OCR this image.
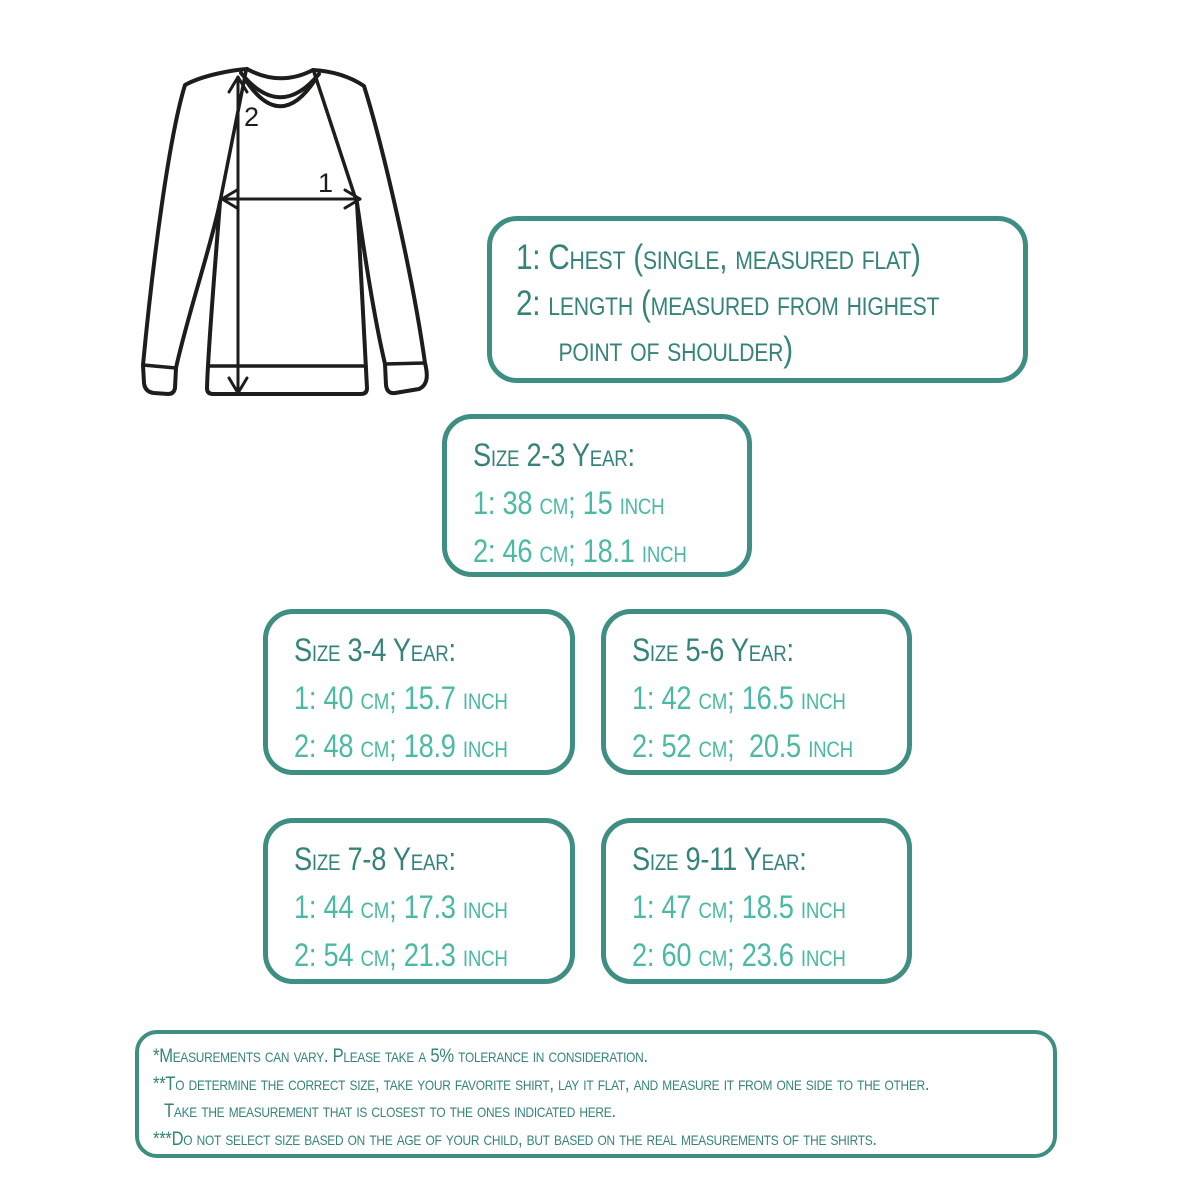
2
1
1: Chest (single, measured flat)
2: length (measured from highest
point of shoulder)
Size 2-3 Year:
1: 38 cm; 15 inch
2: 46 cm; 18.1 inch
Size 3-4 Year:
1: 40 cm; 15.7 inch
2: 48 cm; 18.9 inch
Size 5-6 Year:
1: 42 cm; 16.5 inch
2: 52 cm;  20.5 inch
Size 7-8 Year:
1: 44 cm; 17.3 inch
2: 54 cm; 21.3 inch
Size 9-11 Year:
1: 47 cm; 18.5 inch
2: 60 cm; 23.6 inch
*Measurements can vary. Please take a 5% tolerance in consideration.
**To determine the correct size, take your favorite shirt, lay it flat, and measure it from one side to the other.
Take the measurement that is closest to the ones indicated here.
***Do not select size based on the age of your child, but based on the real measurements of the shirts.
